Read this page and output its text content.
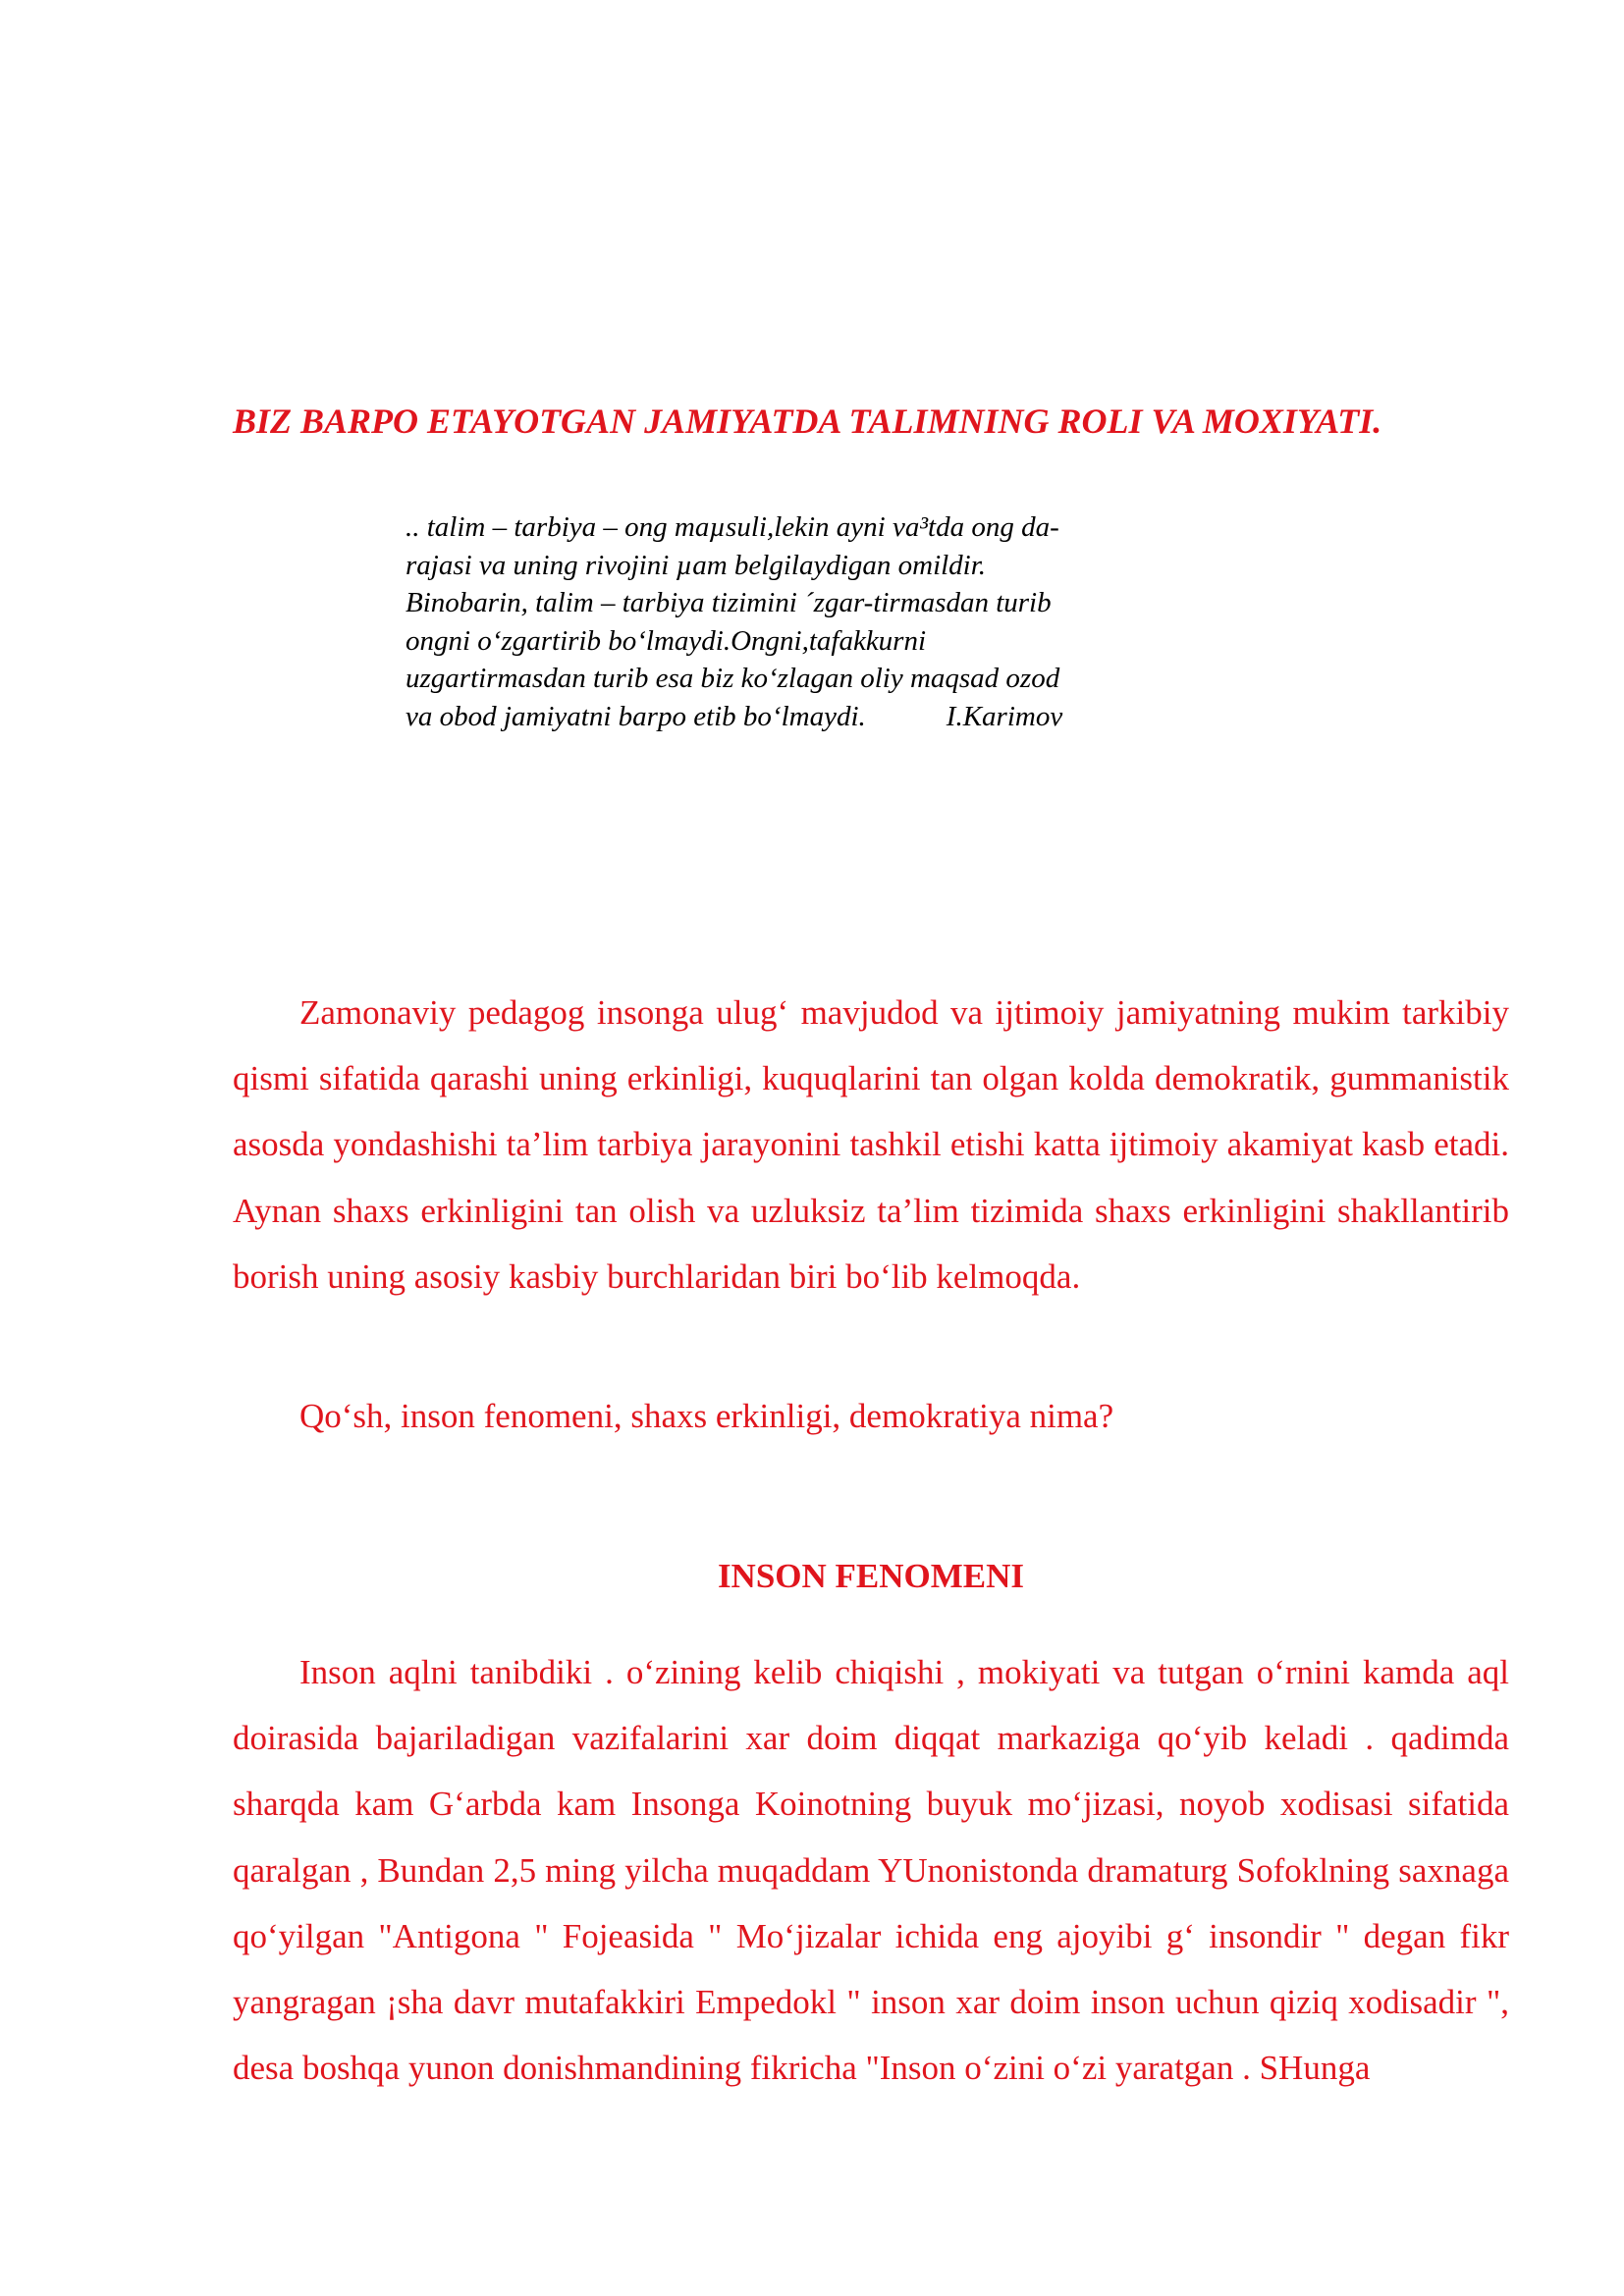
BIZ BARPO ETAYOTGAN JAMIYATDA TALIMNING ROLI VA MOXIYATI.
.. talim – tarbiya – ong maµsuli,lekin ayni va³tda ong da-
rajasi va uning rivojini µam belgilaydigan omildir.
Binobarin, talim – tarbiya tizimini ´zgar-tirmasdan turib
ongni oʻzgartirib boʻlmaydi.Ongni,tafakkurni
uzgartirmasdan turib esa biz koʻzlagan oliy maqsad ozod
va obod jamiyatni barpo etib boʻlmaydi.	I.Karimov

Zamonaviy pedagog insonga ulugʻ mavjudod va ijtimoiy jamiyatning mukim tarkibiy qismi sifatida qarashi uning erkinligi, kuquqlarini tan olgan kolda demokratik, gummanistik asosda yondashishi ta’lim tarbiya jarayonini tashkil etishi katta ijtimoiy akamiyat kasb etadi. Aynan shaxs erkinligini tan olish va uzluksiz ta’lim tizimida shaxs erkinligini shakllantirib borish uning asosiy kasbiy burchlaridan biri boʻlib kelmoqda.

Qoʻsh, inson fenomeni, shaxs erkinligi, demokratiya nima?

INSON FENOMENI

Inson aqlni tanibdiki . oʻzining kelib chiqishi , mokiyati va tutgan oʻrnini kamda aql doirasida bajariladigan vazifalarini xar doim diqqat markaziga qoʻyib keladi . qadimda sharqda kam Gʻarbda kam Insonga Koinotning buyuk moʻjizasi, noyob xodisasi sifatida qaralgan , Bundan 2,5 ming yilcha muqaddam YUnonistonda dramaturg Sofoklning saxnaga qoʻyilgan "Antigona " Fojeasida " Moʻjizalar ichida eng ajoyibi gʻ insondir " degan fikr yangragan ¡sha davr mutafakkiri Empedokl " inson xar doim inson uchun qiziq xodisadir ", desa boshqa yunon donishmandining fikricha "Inson oʻzini oʻzi yaratgan . SHunga
